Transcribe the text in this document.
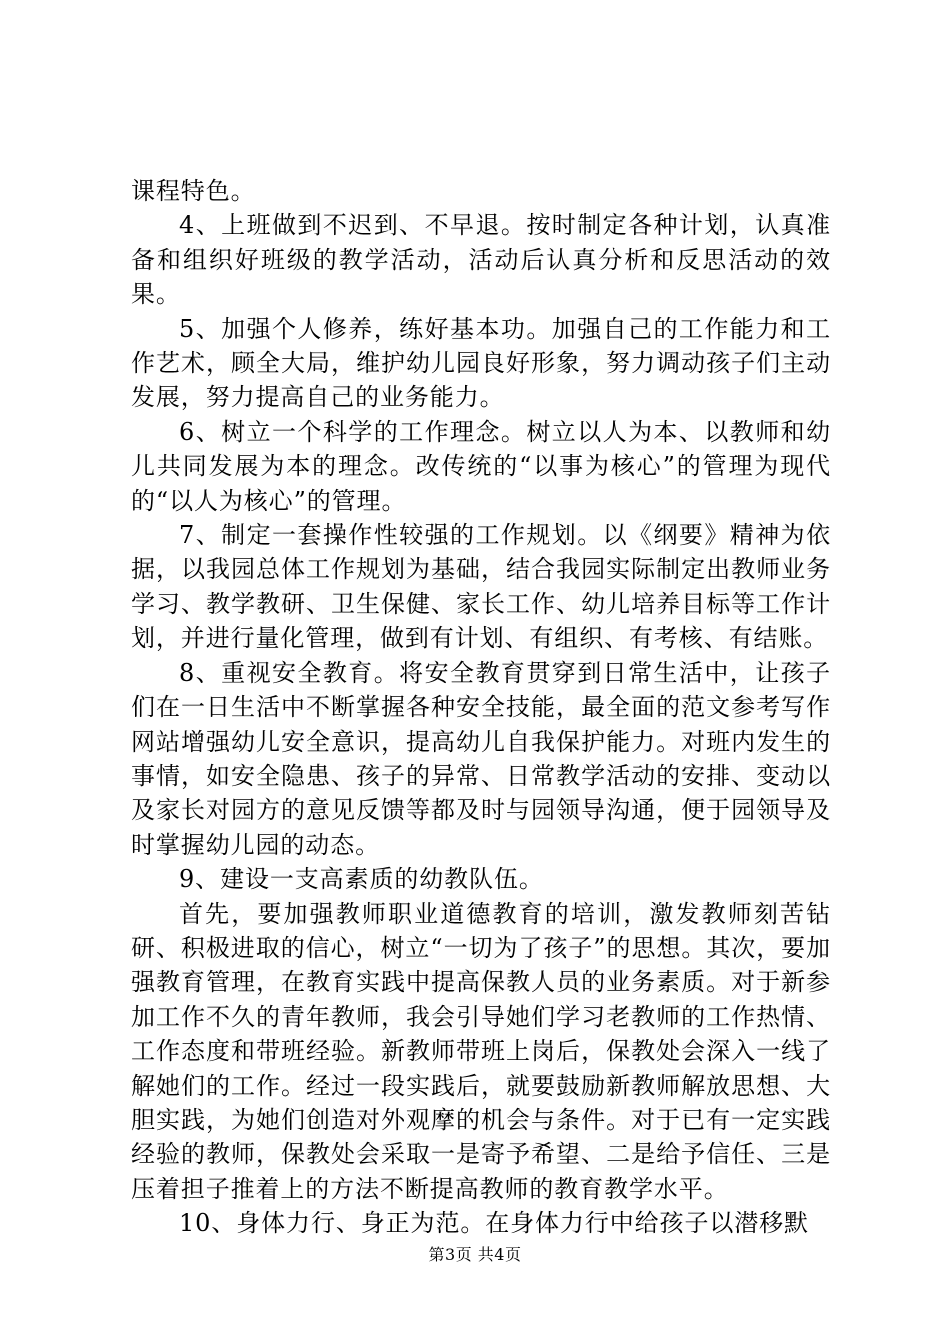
课程特色。

4、上班做到不迟到、不早退。按时制定各种计划，认真准备和组织好班级的教学活动，活动后认真分析和反思活动的效果。

5、加强个人修养，练好基本功。加强自己的工作能力和工作艺术，顾全大局，维护幼儿园良好形象，努力调动孩子们主动发展，努力提高自己的业务能力。

6、树立一个科学的工作理念。树立以人为本、以教师和幼儿共同发展为本的理念。改传统的“以事为核心”的管理为现代的“以人为核心”的管理。

7、制定一套操作性较强的工作规划。以《纲要》精神为依据，以我园总体工作规划为基础，结合我园实际制定出教师业务学习、教学教研、卫生保健、家长工作、幼儿培养目标等工作计划，并进行量化管理，做到有计划、有组织、有考核、有结账。

8、重视安全教育。将安全教育贯穿到日常生活中，让孩子们在一日生活中不断掌握各种安全技能，最全面的范文参考写作网站增强幼儿安全意识，提高幼儿自我保护能力。对班内发生的事情，如安全隐患、孩子的异常、日常教学活动的安排、变动以及家长对园方的意见反馈等都及时与园领导沟通，便于园领导及时掌握幼儿园的动态。

9、建设一支高素质的幼教队伍。

首先，要加强教师职业道德教育的培训，激发教师刻苦钻研、积极进取的信心，树立“一切为了孩子”的思想。其次，要加强教育管理，在教育实践中提高保教人员的业务素质。对于新参加工作不久的青年教师，我会引导她们学习老教师的工作热情、工作态度和带班经验。新教师带班上岗后，保教处会深入一线了解她们的工作。经过一段实践后，就要鼓励新教师解放思想、大胆实践，为她们创造对外观摩的机会与条件。对于已有一定实践经验的教师，保教处会采取一是寄予希望、二是给予信任、三是压着担子推着上的方法不断提高教师的教育教学水平。

10、身体力行、身正为范。在身体力行中给孩子以潜移默

第3页 共4页
